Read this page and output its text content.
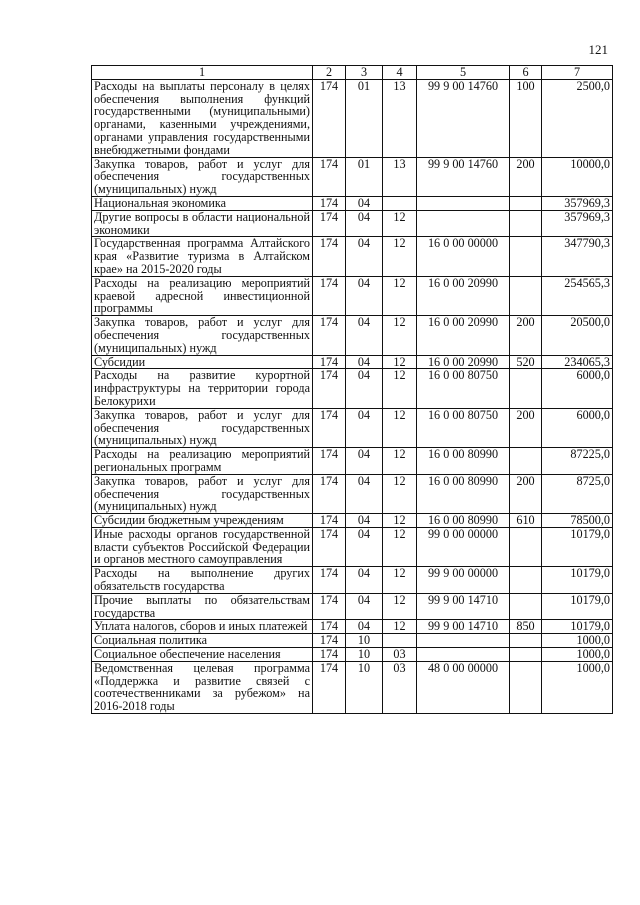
121
1	2	3	4	5	6	7
Расходы на выплаты персоналу в целях обеспечения выполнения функций государственными (муниципальными) органами, казенными учреждениями, органами управления государственными внебюджетными фондами	174	01	13	99 9 00 14760	100	2500,0
Закупка товаров, работ и услуг для обеспечения государственных (муниципальных) нужд	174	01	13	99 9 00 14760	200	10000,0
Национальная экономика	174	04				357969,3
Другие вопросы в области национальной экономики	174	04	12			357969,3
Государственная программа Алтайского края «Развитие туризма в Алтайском крае» на 2015-2020 годы	174	04	12	16 0 00 00000		347790,3
Расходы на реализацию мероприятий краевой адресной инвестиционной программы	174	04	12	16 0 00 20990		254565,3
Закупка товаров, работ и услуг для обеспечения государственных (муниципальных) нужд	174	04	12	16 0 00 20990	200	20500,0
Субсидии	174	04	12	16 0 00 20990	520	234065,3
Расходы на развитие курортной инфраструктуры на территории города Белокурихи	174	04	12	16 0 00 80750		6000,0
Закупка товаров, работ и услуг для обеспечения государственных (муниципальных) нужд	174	04	12	16 0 00 80750	200	6000,0
Расходы на реализацию мероприятий региональных программ	174	04	12	16 0 00 80990		87225,0
Закупка товаров, работ и услуг для обеспечения государственных (муниципальных) нужд	174	04	12	16 0 00 80990	200	8725,0
Субсидии бюджетным учреждениям	174	04	12	16 0 00 80990	610	78500,0
Иные расходы органов государственной власти субъектов Российской Федерации и органов местного самоуправления	174	04	12	99 0 00 00000		10179,0
Расходы на выполнение других обязательств государства	174	04	12	99 9 00 00000		10179,0
Прочие выплаты по обязательствам государства	174	04	12	99 9 00 14710		10179,0
Уплата налогов, сборов и иных платежей	174	04	12	99 9 00 14710	850	10179,0
Социальная политика	174	10				1000,0
Социальное обеспечение населения	174	10	03			1000,0
Ведомственная целевая программа «Поддержка и развитие связей с соотечественниками за рубежом» на 2016-2018 годы	174	10	03	48 0 00 00000		1000,0
